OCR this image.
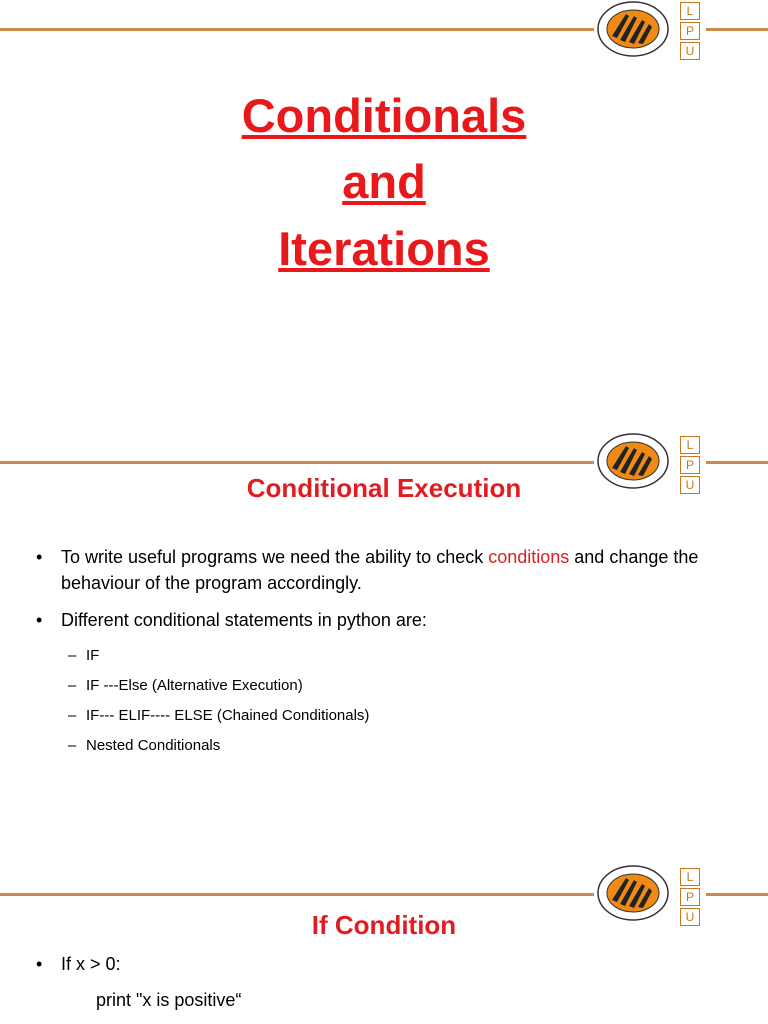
L
P
U
Conditionals
and
Iterations
L
P
U
Conditional Execution
• To write useful programs we need the ability to check conditions and change the behaviour of the program accordingly.
• Different conditional statements in python are:
– IF
– IF ---Else (Alternative Execution)
– IF--- ELIF---- ELSE (Chained Conditionals)
– Nested Conditionals
L
P
U
If Condition
• If x > 0:
print "x is positive“
